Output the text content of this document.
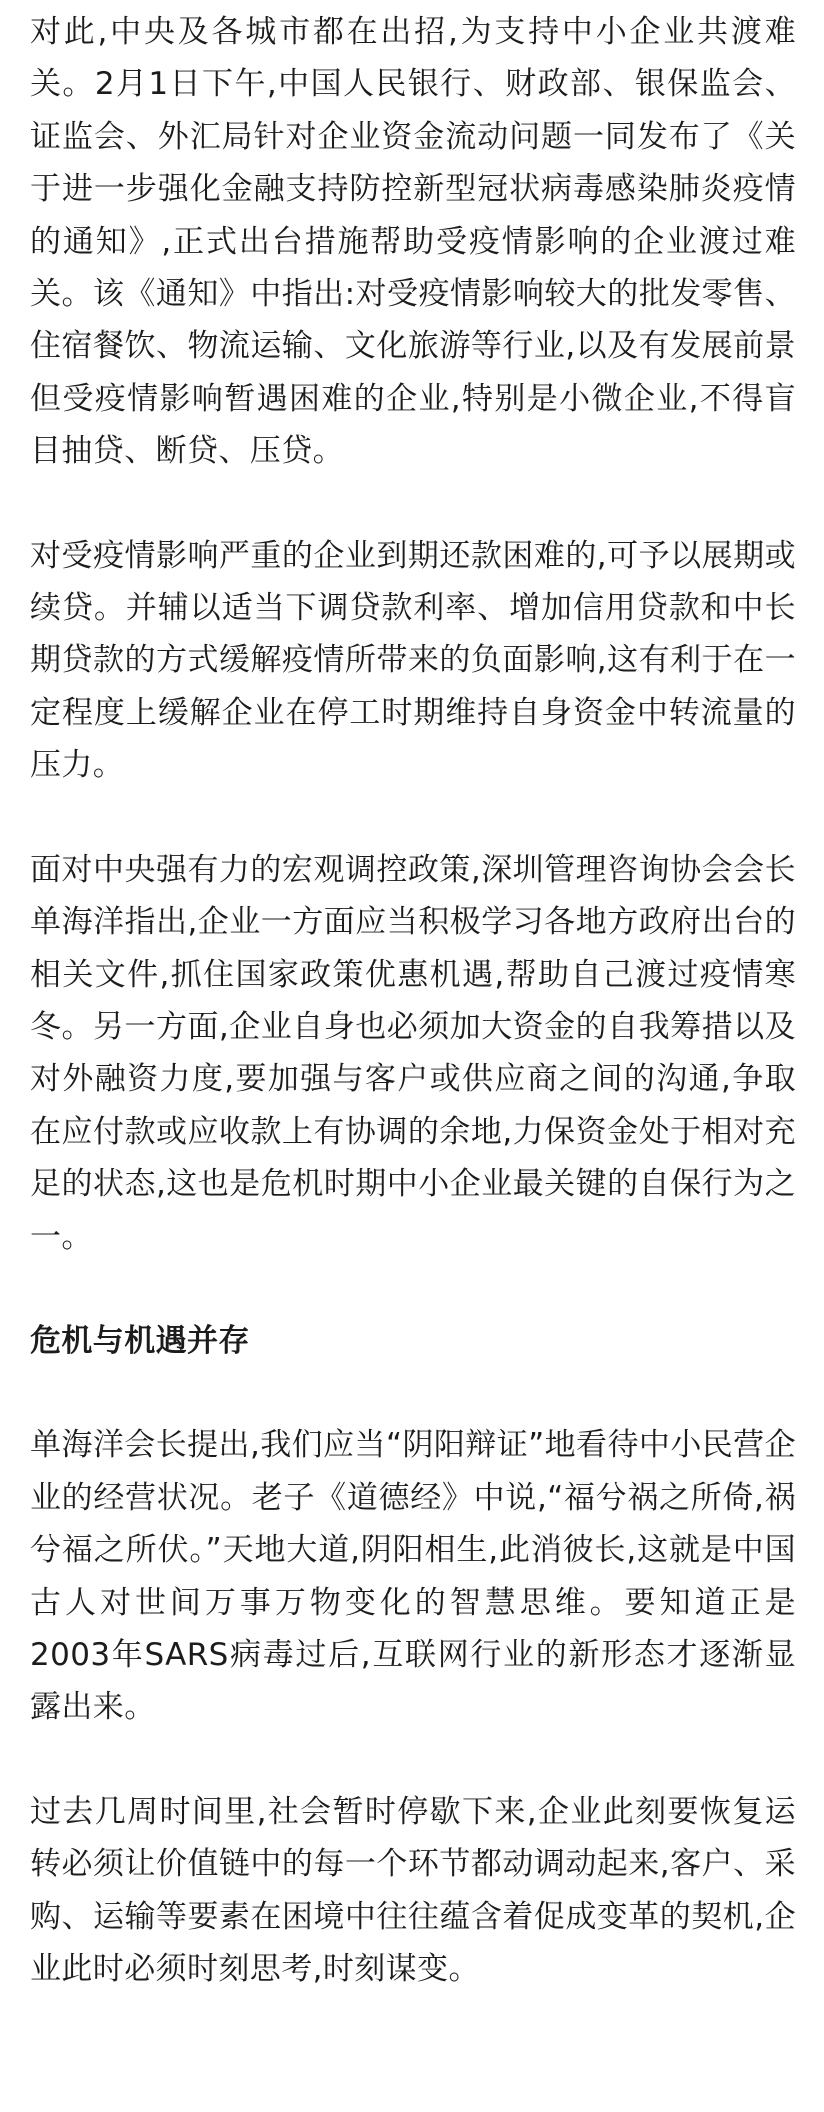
对此,中央及各城市都在出招,为支持中小企业共渡难关。2月1日下午,中国人民银行、财政部、银保监会、证监会、外汇局针对企业资金流动问题一同发布了《关于进一步强化金融支持防控新型冠状病毒感染肺炎疫情的通知》,正式出台措施帮助受疫情影响的企业渡过难关。该《通知》中指出:对受疫情影响较大的批发零售、住宿餐饮、物流运输、文化旅游等行业,以及有发展前景但受疫情影响暂遇困难的企业,特别是小微企业,不得盲目抽贷、断贷、压贷。

对受疫情影响严重的企业到期还款困难的,可予以展期或续贷。并辅以适当下调贷款利率、增加信用贷款和中长期贷款的方式缓解疫情所带来的负面影响,这有利于在一定程度上缓解企业在停工时期维持自身资金中转流量的压力。

面对中央强有力的宏观调控政策,深圳管理咨询协会会长单海洋指出,企业一方面应当积极学习各地方政府出台的相关文件,抓住国家政策优惠机遇,帮助自己渡过疫情寒冬。另一方面,企业自身也必须加大资金的自我筹措以及对外融资力度,要加强与客户或供应商之间的沟通,争取在应付款或应收款上有协调的余地,力保资金处于相对充足的状态,这也是危机时期中小企业最关键的自保行为之一。

危机与机遇并存

单海洋会长提出,我们应当“阴阳辩证”地看待中小民营企业的经营状况。老子《道德经》中说,“福兮祸之所倚,祸兮福之所伏。”天地大道,阴阳相生,此消彼长,这就是中国古人对世间万事万物变化的智慧思维。要知道正是2003年SARS病毒过后,互联网行业的新形态才逐渐显露出来。

过去几周时间里,社会暂时停歇下来,企业此刻要恢复运转必须让价值链中的每一个环节都动调动起来,客户、采购、运输等要素在困境中往往蕴含着促成变革的契机,企业此时必须时刻思考,时刻谋变。
